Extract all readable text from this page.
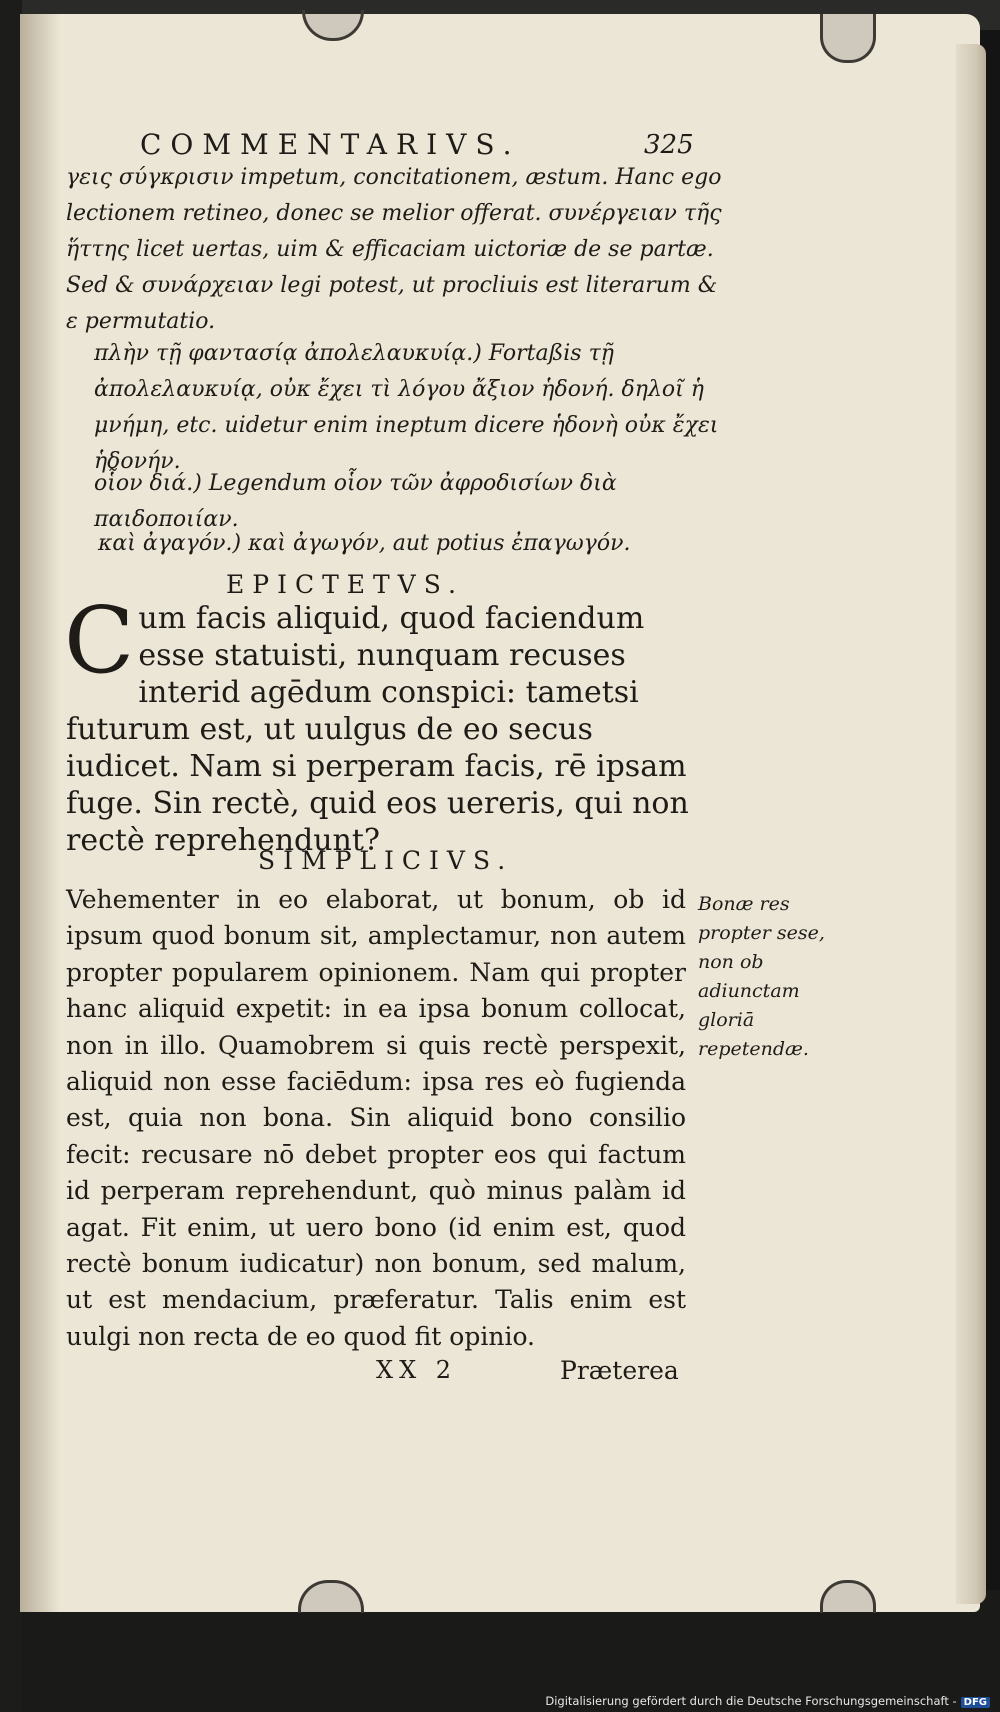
COMMENTARIVS.	325
γεις σύγκρισιν impetum, concitationem, æstum. Hanc ego lectionem retineo, donec se melior offerat. συνέργειαν τῆς ἥττης licet uertas, uim & efficaciam uictoriæ de se partæ. Sed & συνάρχειαν legi potest, ut procliuis est literarum & ε permutatio.
πλὴν τῇ φαντασίᾳ ἀπολελαυκυίᾳ.) Fortaßis τῇ ἀπολελαυκυίᾳ, οὐκ ἔχει τὶ λόγου ἄξιον ἡδονή. δηλοῖ ἡ μνήμη, etc. uidetur enim ineptum dicere ἡδονὴ οὐκ ἔχει ἡδονήν.
οἷον διά.) Legendum οἷον τῶν ἀφροδισίων διὰ παιδοποιίαν.
καὶ ἀγαγόν.) καὶ ἀγωγόν, aut potius ἐπαγωγόν.
EPICTETVS.
Cum facis aliquid, quod faciendum esse statuisti, nunquam recuses interid agēdum conspici: tametsi futurum est, ut uulgus de eo secus iudicet. Nam si perperam facis, rē ipsam fuge. Sin rectè, quid eos uereris, qui non rectè reprehendunt?
SIMPLICIVS.
Vehementer in eo elaborat, ut bonum, ob id ipsum quod bonum sit, amplectamur, non autem propter popularem opinionem. Nam qui propter hanc aliquid expetit: in ea ipsa bonum collocat, non in illo. Quamobrem si quis rectè perspexit, aliquid non esse faciēdum: ipsa res eò fugienda est, quia non bona. Sin aliquid bono consilio fecit: recusare nō debet propter eos qui factum id perperam reprehendunt, quò minus palàm id agat. Fit enim, ut uero bono (id enim est, quod rectè bonum iudicatur) non bonum, sed malum, ut est mendacium, præferatur. Talis enim est uulgi non recta de eo quod fit opinio.
Bonæ res propter sese, non ob adiunctam gloriā repetendæ.
XX 2	Præterea
Digitalisierung gefördert durch die Deutsche Forschungsgemeinschaft - DFG
